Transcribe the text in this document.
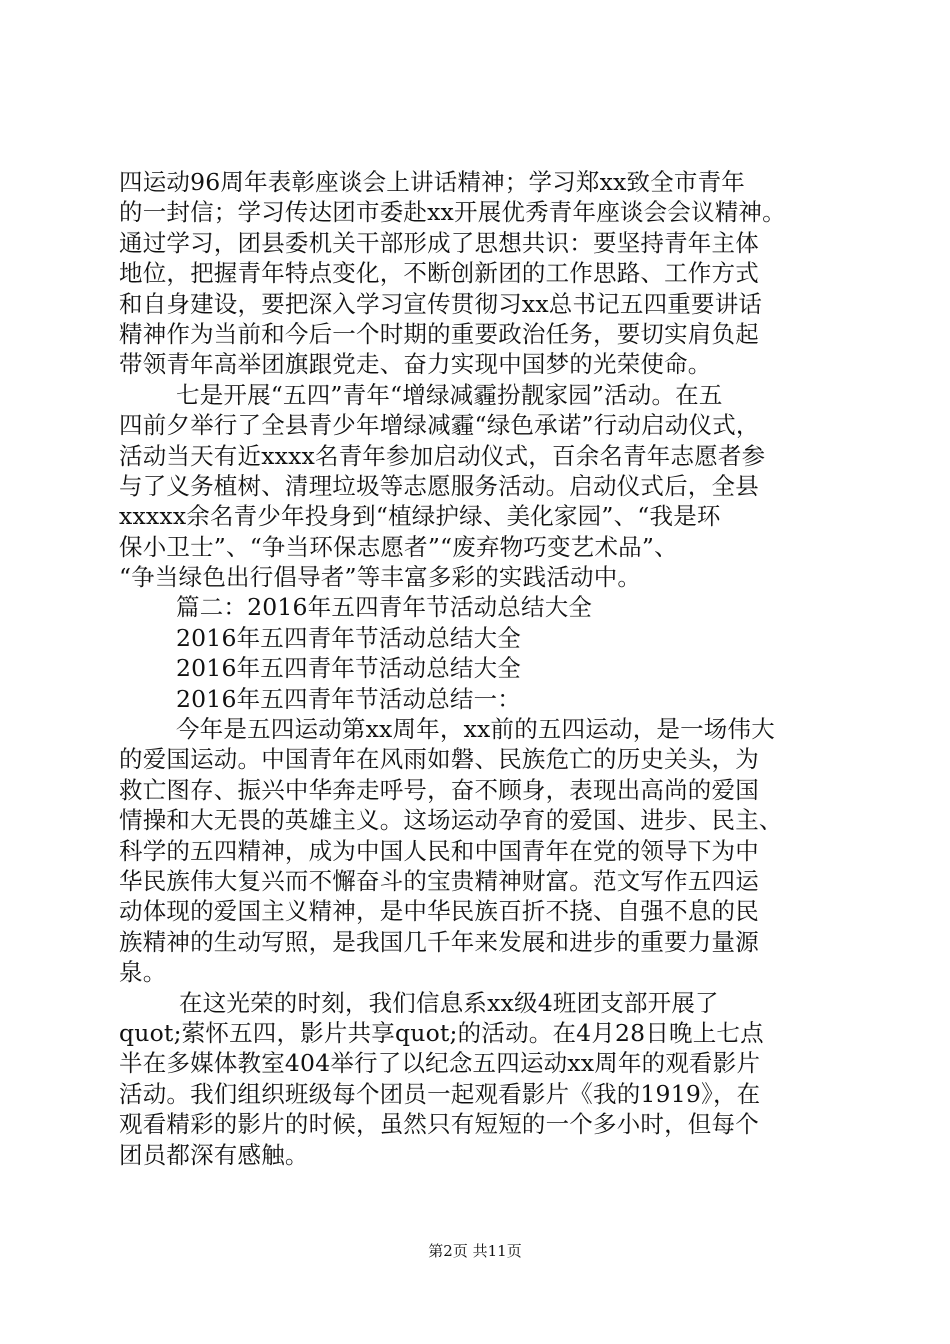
四运动96周年表彰座谈会上讲话精神；学习郑xx致全市青年
的一封信；学习传达团市委赴xx开展优秀青年座谈会会议精神。
通过学习，团县委机关干部形成了思想共识：要坚持青年主体
地位，把握青年特点变化，不断创新团的工作思路、工作方式
和自身建设，要把深入学习宣传贯彻习xx总书记五四重要讲话
精神作为当前和今后一个时期的重要政治任务，要切实肩负起
带领青年高举团旗跟党走、奋力实现中国梦的光荣使命。
七是开展“五四”青年“增绿减霾扮靓家园”活动。在五
四前夕举行了全县青少年增绿减霾“绿色承诺”行动启动仪式，
活动当天有近xxxx名青年参加启动仪式，百余名青年志愿者参
与了义务植树、清理垃圾等志愿服务活动。启动仪式后，全县
xxxxx余名青少年投身到“植绿护绿、美化家园”、“我是环
保小卫士”、“争当环保志愿者”“废弃物巧变艺术品”、
“争当绿色出行倡导者”等丰富多彩的实践活动中。
篇二：2016年五四青年节活动总结大全
2016年五四青年节活动总结大全
2016年五四青年节活动总结大全
2016年五四青年节活动总结一：
今年是五四运动第xx周年，xx前的五四运动，是一场伟大
的爱国运动。中国青年在风雨如磐、民族危亡的历史关头，为
救亡图存、振兴中华奔走呼号，奋不顾身，表现出高尚的爱国
情操和大无畏的英雄主义。这场运动孕育的爱国、进步、民主、
科学的五四精神，成为中国人民和中国青年在党的领导下为中
华民族伟大复兴而不懈奋斗的宝贵精神财富。范文写作五四运
动体现的爱国主义精神，是中华民族百折不挠、自强不息的民
族精神的生动写照，是我国几千年来发展和进步的重要力量源
泉。
在这光荣的时刻，我们信息系xx级4班团支部开展了
quot;萦怀五四，影片共享quot;的活动。在4月28日晚上七点
半在多媒体教室404举行了以纪念五四运动xx周年的观看影片
活动。我们组织班级每个团员一起观看影片《我的1919》，在
观看精彩的影片的时候，虽然只有短短的一个多小时，但每个
团员都深有感触。
第2页 共11页
